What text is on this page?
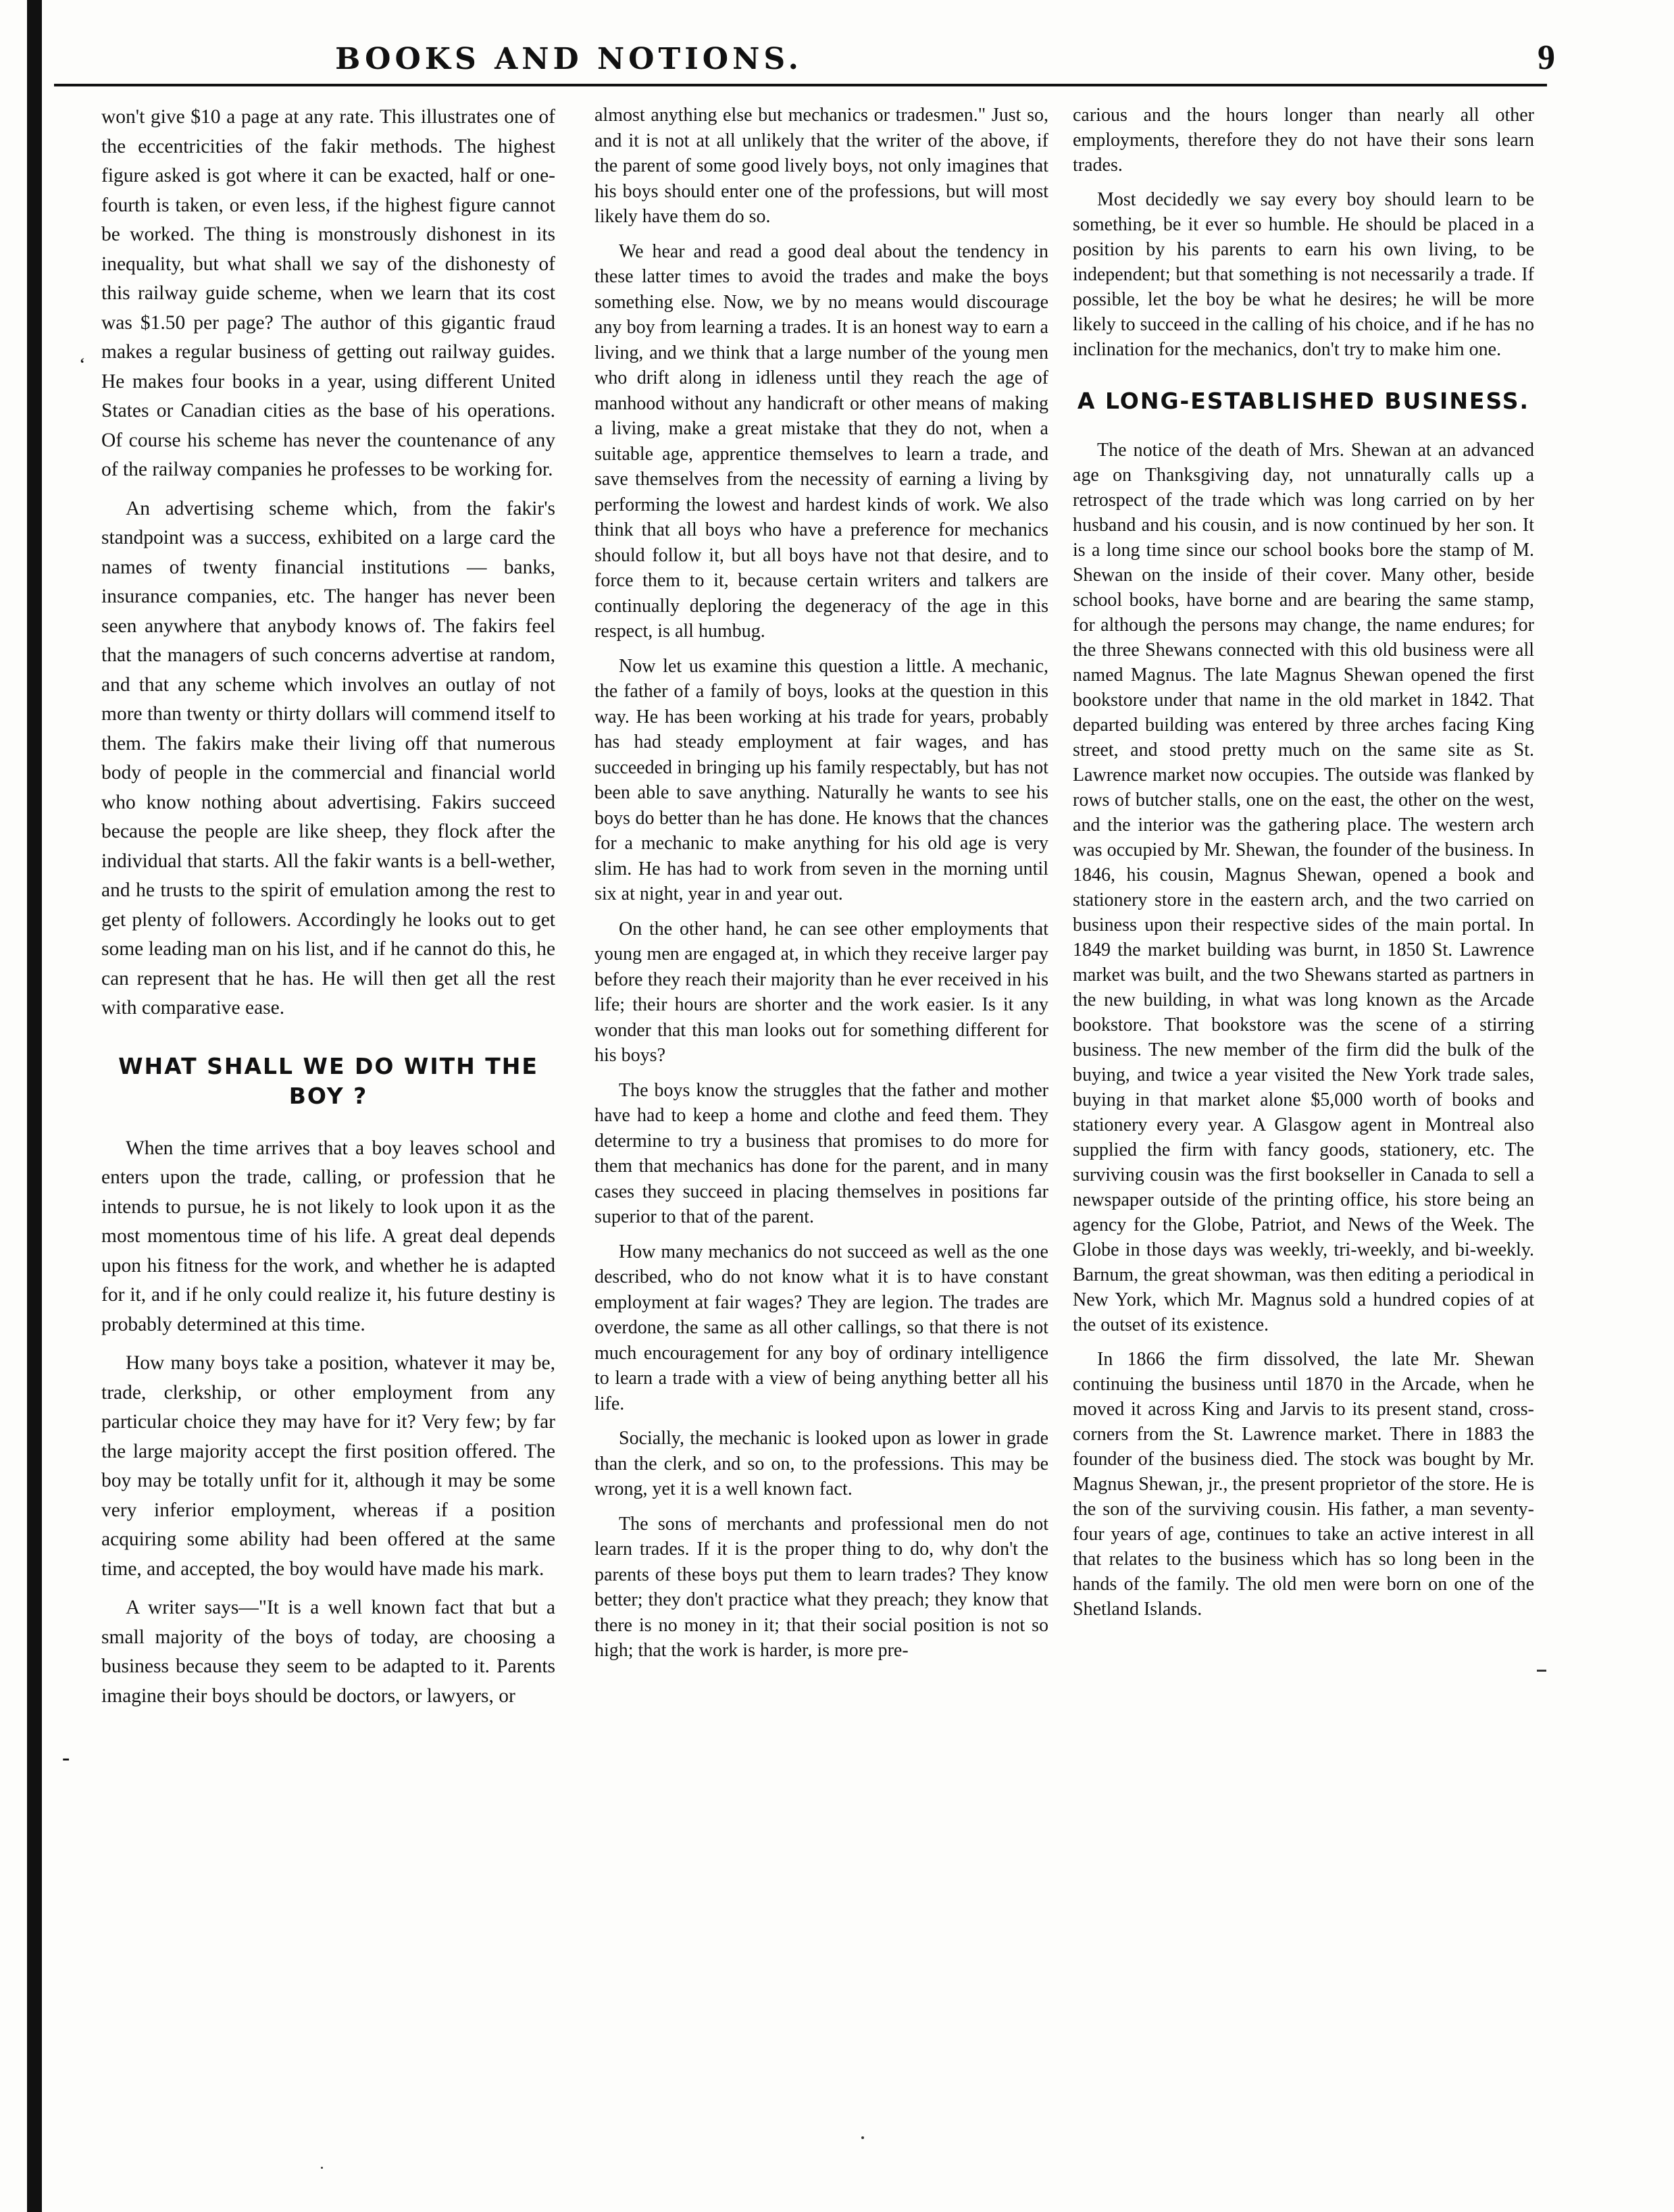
BOOKS AND NOTIONS.	9
‘
-

won't give $10 a page at any rate. This illustrates one of the eccentricities of the fakir methods. The highest figure asked is got where it can be exacted, half or one-fourth is taken, or even less, if the highest figure cannot be worked. The thing is monstrously dishonest in its inequality, but what shall we say of the dishonesty of this railway guide scheme, when we learn that its cost was $1.50 per page? The author of this gigantic fraud makes a regular business of getting out railway guides. He makes four books in a year, using different United States or Canadian cities as the base of his operations. Of course his scheme has never the countenance of any of the railway companies he professes to be working for.

An advertising scheme which, from the fakir's standpoint was a success, exhibited on a large card the names of twenty financial institutions — banks, insurance companies, etc. The hanger has never been seen anywhere that anybody knows of. The fakirs feel that the managers of such concerns advertise at random, and that any scheme which involves an outlay of not more than twenty or thirty dollars will commend itself to them. The fakirs make their living off that numerous body of people in the commercial and financial world who know nothing about advertising. Fakirs succeed because the people are like sheep, they flock after the individual that starts. All the fakir wants is a bell-wether, and he trusts to the spirit of emulation among the rest to get plenty of followers. Accordingly he looks out to get some leading man on his list, and if he cannot do this, he can represent that he has. He will then get all the rest with comparative ease.

WHAT SHALL WE DO WITH THE BOY ?

When the time arrives that a boy leaves school and enters upon the trade, calling, or profession that he intends to pursue, he is not likely to look upon it as the most momentous time of his life. A great deal depends upon his fitness for the work, and whether he is adapted for it, and if he only could realize it, his future destiny is probably determined at this time.

How many boys take a position, whatever it may be, trade, clerkship, or other employment from any particular choice they may have for it? Very few; by far the large majority accept the first position offered. The boy may be totally unfit for it, although it may be some very inferior employment, whereas if a position acquiring some ability had been offered at the same time, and accepted, the boy would have made his mark.

A writer says—"It is a well known fact that but a small majority of the boys of today, are choosing a business because they seem to be adapted to it. Parents imagine their boys should be doctors, or lawyers, or

almost anything else but mechanics or tradesmen." Just so, and it is not at all unlikely that the writer of the above, if the parent of some good lively boys, not only imagines that his boys should enter one of the professions, but will most likely have them do so.

We hear and read a good deal about the tendency in these latter times to avoid the trades and make the boys something else. Now, we by no means would discourage any boy from learning a trades. It is an honest way to earn a living, and we think that a large number of the young men who drift along in idleness until they reach the age of manhood without any handicraft or other means of making a living, make a great mistake that they do not, when a suitable age, apprentice themselves to learn a trade, and save themselves from the necessity of earning a living by performing the lowest and hardest kinds of work. We also think that all boys who have a preference for mechanics should follow it, but all boys have not that desire, and to force them to it, because certain writers and talkers are continually deploring the degeneracy of the age in this respect, is all humbug.

Now let us examine this question a little. A mechanic, the father of a family of boys, looks at the question in this way. He has been working at his trade for years, probably has had steady employment at fair wages, and has succeeded in bringing up his family respectably, but has not been able to save anything. Naturally he wants to see his boys do better than he has done. He knows that the chances for a mechanic to make anything for his old age is very slim. He has had to work from seven in the morning until six at night, year in and year out.

On the other hand, he can see other employments that young men are engaged at, in which they receive larger pay before they reach their majority than he ever received in his life; their hours are shorter and the work easier. Is it any wonder that this man looks out for something different for his boys?

The boys know the struggles that the father and mother have had to keep a home and clothe and feed them. They determine to try a business that promises to do more for them that mechanics has done for the parent, and in many cases they succeed in placing themselves in positions far superior to that of the parent.

How many mechanics do not succeed as well as the one described, who do not know what it is to have constant employment at fair wages? They are legion. The trades are overdone, the same as all other callings, so that there is not much encouragement for any boy of ordinary intelligence to learn a trade with a view of being anything better all his life.

Socially, the mechanic is looked upon as lower in grade than the clerk, and so on, to the professions. This may be wrong, yet it is a well known fact.

The sons of merchants and professional men do not learn trades. If it is the proper thing to do, why don't the parents of these boys put them to learn trades? They know better; they don't practice what they preach; they know that there is no money in it; that their social position is not so high; that the work is harder, is more pre-

carious and the hours longer than nearly all other employments, therefore they do not have their sons learn trades.

Most decidedly we say every boy should learn to be something, be it ever so humble. He should be placed in a position by his parents to earn his own living, to be independent; but that something is not necessarily a trade. If possible, let the boy be what he desires; he will be more likely to succeed in the calling of his choice, and if he has no inclination for the mechanics, don't try to make him one.

A LONG-ESTABLISHED BUSINESS.

The notice of the death of Mrs. Shewan at an advanced age on Thanksgiving day, not unnaturally calls up a retrospect of the trade which was long carried on by her husband and his cousin, and is now continued by her son. It is a long time since our school books bore the stamp of M. Shewan on the inside of their cover. Many other, beside school books, have borne and are bearing the same stamp, for although the persons may change, the name endures; for the three Shewans connected with this old business were all named Magnus. The late Magnus Shewan opened the first bookstore under that name in the old market in 1842. That departed building was entered by three arches facing King street, and stood pretty much on the same site as St. Lawrence market now occupies. The outside was flanked by rows of butcher stalls, one on the east, the other on the west, and the interior was the gathering place. The western arch was occupied by Mr. Shewan, the founder of the business. In 1846, his cousin, Magnus Shewan, opened a book and stationery store in the eastern arch, and the two carried on business upon their respective sides of the main portal. In 1849 the market building was burnt, in 1850 St. Lawrence market was built, and the two Shewans started as partners in the new building, in what was long known as the Arcade bookstore. That bookstore was the scene of a stirring business. The new member of the firm did the bulk of the buying, and twice a year visited the New York trade sales, buying in that market alone $5,000 worth of books and stationery every year. A Glasgow agent in Montreal also supplied the firm with fancy goods, stationery, etc. The surviving cousin was the first bookseller in Canada to sell a newspaper outside of the printing office, his store being an agency for the Globe, Patriot, and News of the Week. The Globe in those days was weekly, tri-weekly, and bi-weekly. Barnum, the great showman, was then editing a periodical in New York, which Mr. Magnus sold a hundred copies of at the outset of its existence.

In 1866 the firm dissolved, the late Mr. Shewan continuing the business until 1870 in the Arcade, when he moved it across King and Jarvis to its present stand, cross-corners from the St. Lawrence market. There in 1883 the founder of the business died. The stock was bought by Mr. Magnus Shewan, jr., the present proprietor of the store. He is the son of the surviving cousin. His father, a man seventy-four years of age, continues to take an active interest in all that relates to the business which has so long been in the hands of the family. The old men were born on one of the Shetland Islands.
